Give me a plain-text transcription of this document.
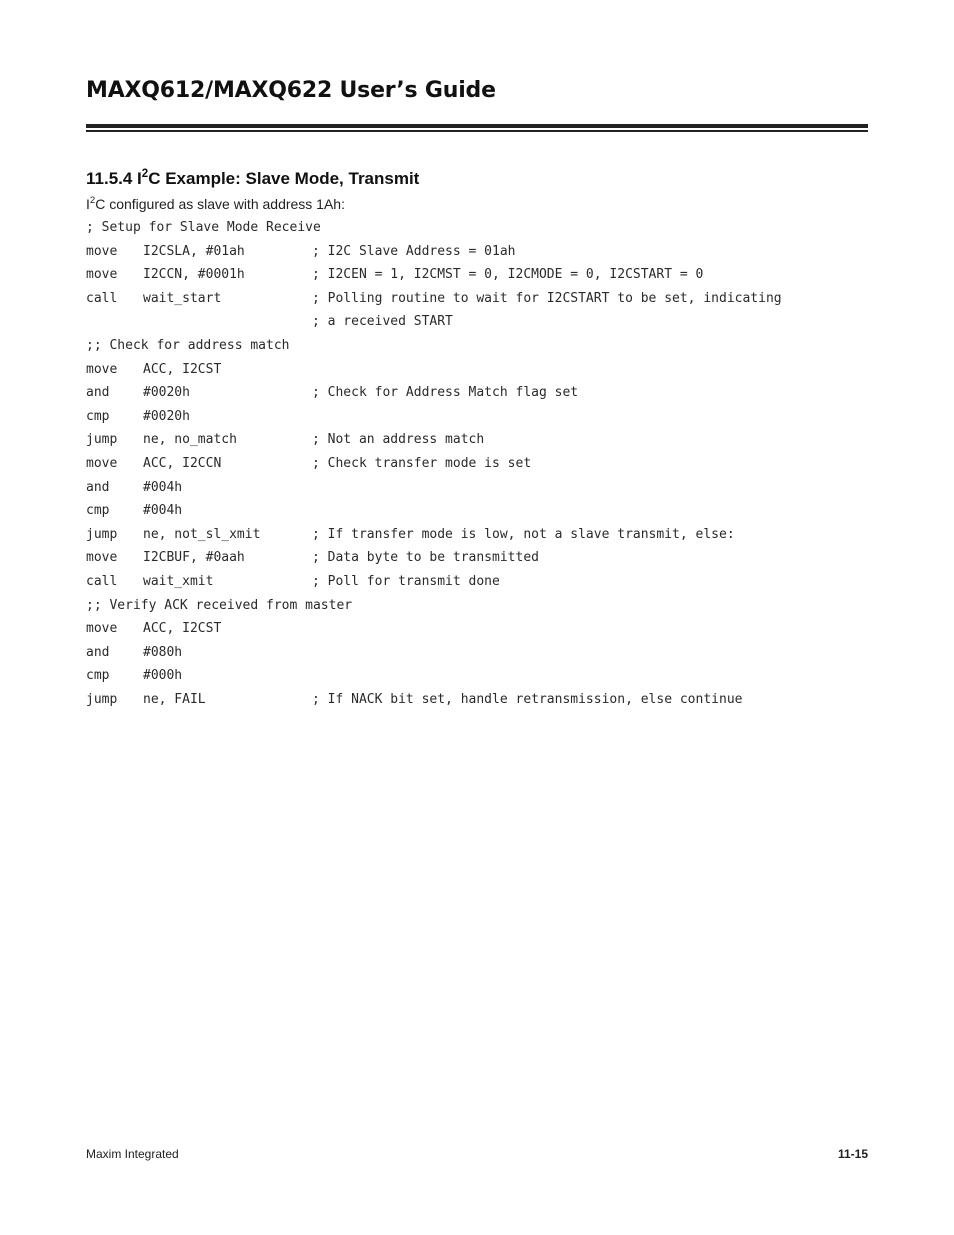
MAXQ612/MAXQ622 User’s Guide
11.5.4 $I^2C$ Example: Slave Mode, Transmit

$I^2C$ configured as slave with address 1Ah:

; Setup for Slave Mode Receive
move I2CSLA, #01ah	; I2C Slave Address = 01ah
move I2CCN, #0001h	; I2CEN = 1, I2CMST = 0, I2CMODE = 0, I2CSTART = 0
call wait_start	; Polling routine to wait for I2CSTART to be set, indicating
; a received START
;; Check for address match
move ACC, I2CST
and	#0020h	; Check for Address Match flag set
cmp	#0020h
jump ne, no_match	; Not an address match
move ACC, I2CCN	; Check transfer mode is set
and	#004h
cmp	#004h
jump ne, not_sl_xmit	; If transfer mode is low, not a slave transmit, else:
move I2CBUF, #0aah	; Data byte to be transmitted
call wait_xmit	; Poll for transmit done
;; Verify ACK received from master
move ACC, I2CST
and	#080h
cmp	#000h
jump ne, FAIL	; If NACK bit set, handle retransmission, else continue
Maxim Integrated	11-15
